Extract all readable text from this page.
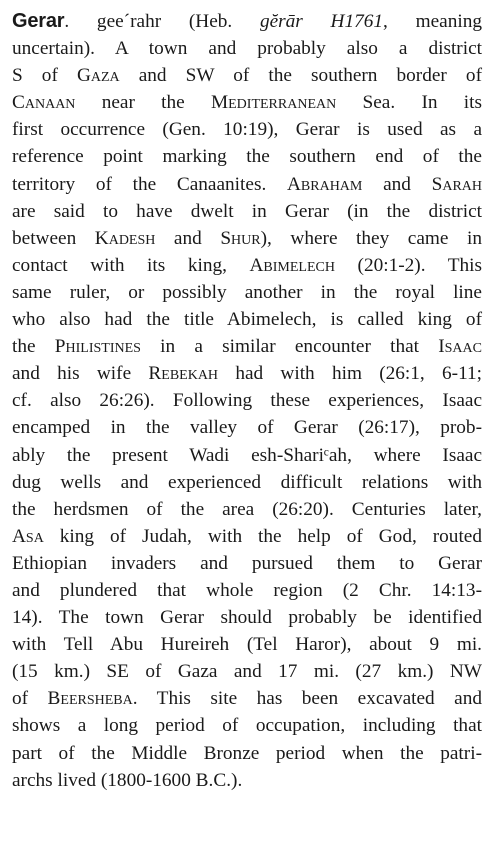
Gerar. gee´rahr (Heb. gĕrār H1761, meaning
uncertain). A town and probably also a district
S of Gaza and SW of the southern border of
Canaan near the Mediterranean Sea. In its
first occurrence (Gen. 10:19), Gerar is used as a
reference point marking the southern end of the
territory of the Canaanites. Abraham and Sarah
are said to have dwelt in Gerar (in the district
between Kadesh and Shur), where they came in
contact with its king, Abimelech (20:1-2). This
same ruler, or possibly another in the royal line
who also had the title Abimelech, is called king of
the Philistines in a similar encounter that Isaac
and his wife Rebekah had with him (26:1, 6-11;
cf. also 26:26). Following these experiences, Isaac
encamped in the valley of Gerar (26:17), prob-
ably the present Wadi esh-Shariᶜah, where Isaac
dug wells and experienced difficult relations with
the herdsmen of the area (26:20). Centuries later,
Asa king of Judah, with the help of God, routed
Ethiopian invaders and pursued them to Gerar
and plundered that whole region (2 Chr. 14:13-
14). The town Gerar should probably be identified
with Tell Abu Hureireh (Tel Haror), about 9 mi.
(15 km.) SE of Gaza and 17 mi. (27 km.) NW
of Beersheba. This site has been excavated and
shows a long period of occupation, including that
part of the Middle Bronze period when the patri-
archs lived (1800-1600 B.C.).
